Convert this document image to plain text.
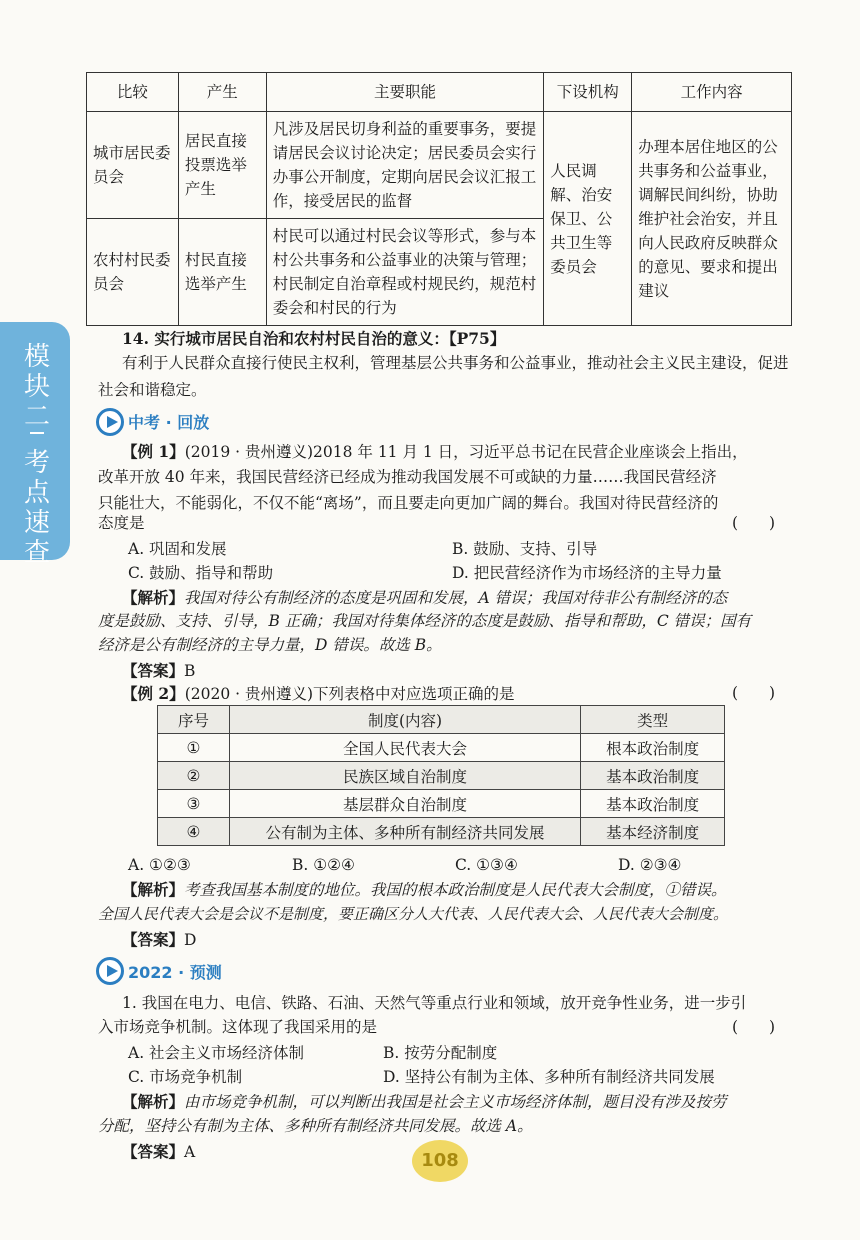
模块二
考点速查
比较	产生	主要职能	下设机构	工作内容
城市居民委员会	居民直接投票选举产生	凡涉及居民切身利益的重要事务，要提请居民会议讨论决定；居民委员会实行办事公开制度，定期向居民会议汇报工作，接受居民的监督	人民调解、治安保卫、公共卫生等委员会	办理本居住地区的公共事务和公益事业，调解民间纠纷，协助维护社会治安，并且向人民政府反映群众的意见、要求和提出建议
农村村民委员会	村民直接选举产生	村民可以通过村民会议等形式，参与本村公共事务和公益事业的决策与管理；村民制定自治章程或村规民约，规范村委会和村民的行为		
14. 实行城市居民自治和农村村民自治的意义：【P75】
有利于人民群众直接行使民主权利，管理基层公共事务和公益事业，推动社会主义民主建设，促进社会和谐稳定。
中考 · 回放
【例 1】(2019 · 贵州遵义)2018 年 11 月 1 日，习近平总书记在民营企业座谈会上指出，
改革开放 40 年来，我国民营经济已经成为推动我国发展不可或缺的力量……我国民营经济
只能壮大，不能弱化，不仅不能“离场”，而且要走向更加广阔的舞台。我国对待民营经济的
态度是	(　　)
A. 巩固和发展	B. 鼓励、支持、引导
C. 鼓励、指导和帮助	D. 把民营经济作为市场经济的主导力量
【解析】我国对待公有制经济的态度是巩固和发展，A 错误；我国对待非公有制经济的态
度是鼓励、支持、引导，B 正确；我国对待集体经济的态度是鼓励、指导和帮助，C 错误；国有
经济是公有制经济的主导力量，D 错误。故选 B。
【答案】B
【例 2】(2020 · 贵州遵义)下列表格中对应选项正确的是	(　　)
序号	制度(内容)	类型
①	全国人民代表大会	根本政治制度
②	民族区域自治制度	基本政治制度
③	基层群众自治制度	基本政治制度
④	公有制为主体、多种所有制经济共同发展	基本经济制度
A. ①②③	B. ①②④	C. ①③④	D. ②③④
【解析】考查我国基本制度的地位。我国的根本政治制度是人民代表大会制度，①错误。
全国人民代表大会是会议不是制度，要正确区分人大代表、人民代表大会、人民代表大会制度。
【答案】D
2022 · 预测
1. 我国在电力、电信、铁路、石油、天然气等重点行业和领域，放开竞争性业务，进一步引
入市场竞争机制。这体现了我国采用的是	(　　)
A. 社会主义市场经济体制	B. 按劳分配制度
C. 市场竞争机制	D. 坚持公有制为主体、多种所有制经济共同发展
【解析】由市场竞争机制，可以判断出我国是社会主义市场经济体制，题目没有涉及按劳
分配，坚持公有制为主体、多种所有制经济共同发展。故选 A。
【答案】A	108
